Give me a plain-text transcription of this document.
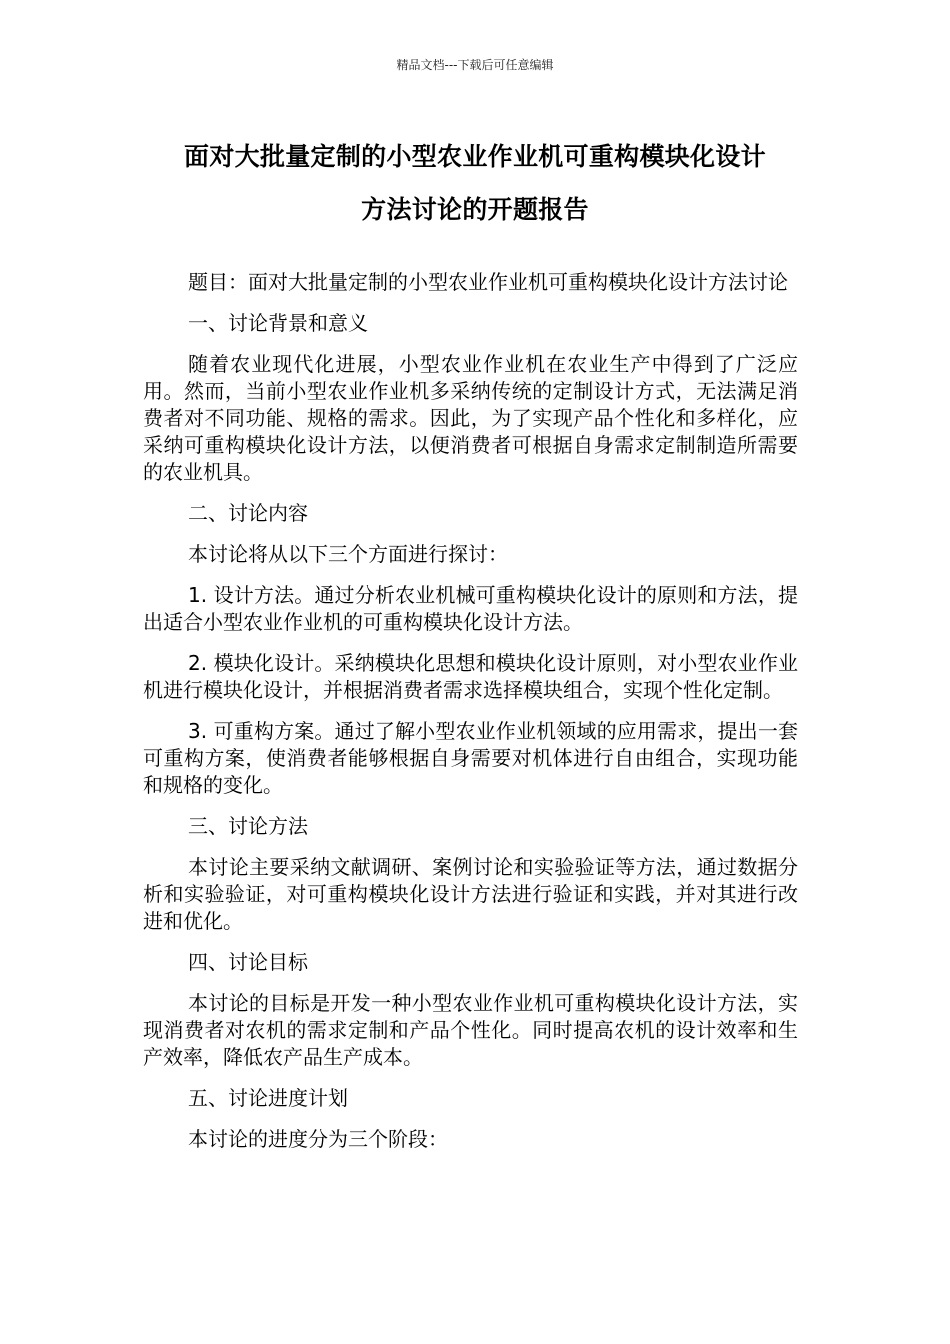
精品文档---下载后可任意编辑
面对大批量定制的小型农业作业机可重构模块化设计
方法讨论的开题报告

题目：面对大批量定制的小型农业作业机可重构模块化设计方法讨论

一、讨论背景和意义

随着农业现代化进展，小型农业作业机在农业生产中得到了广泛应用。然而，当前小型农业作业机多采纳传统的定制设计方式，无法满足消费者对不同功能、规格的需求。因此，为了实现产品个性化和多样化，应采纳可重构模块化设计方法，以便消费者可根据自身需求定制制造所需要的农业机具。

二、讨论内容

本讨论将从以下三个方面进行探讨：

1. 设计方法。通过分析农业机械可重构模块化设计的原则和方法，提出适合小型农业作业机的可重构模块化设计方法。

2. 模块化设计。采纳模块化思想和模块化设计原则，对小型农业作业机进行模块化设计，并根据消费者需求选择模块组合，实现个性化定制。

3. 可重构方案。通过了解小型农业作业机领域的应用需求，提出一套可重构方案，使消费者能够根据自身需要对机体进行自由组合，实现功能和规格的变化。

三、讨论方法

本讨论主要采纳文献调研、案例讨论和实验验证等方法，通过数据分析和实验验证，对可重构模块化设计方法进行验证和实践，并对其进行改进和优化。

四、讨论目标

本讨论的目标是开发一种小型农业作业机可重构模块化设计方法，实现消费者对农机的需求定制和产品个性化。同时提高农机的设计效率和生产效率，降低农产品生产成本。

五、讨论进度计划

本讨论的进度分为三个阶段：
